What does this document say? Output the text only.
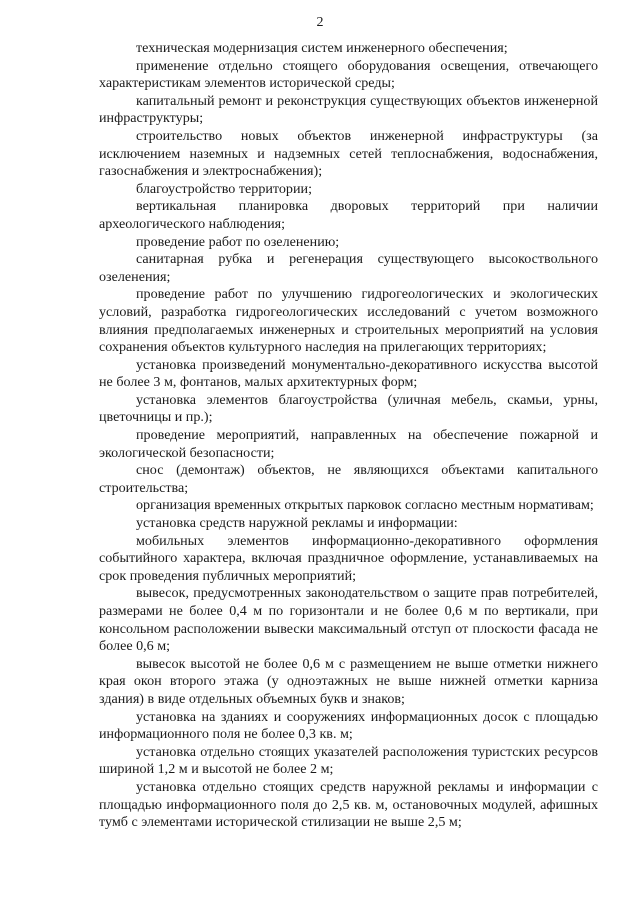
2

техническая модернизация систем инженерного обеспечения;

применение отдельно стоящего оборудования освещения, отвечающего характеристикам элементов исторической среды;

капитальный ремонт и реконструкция существующих объектов инженерной инфраструктуры;

строительство новых объектов инженерной инфраструктуры (за исключением наземных и надземных сетей теплоснабжения, водоснабжения, газоснабжения и электроснабжения);

благоустройство территории;

вертикальная планировка дворовых территорий при наличии археологического наблюдения;

проведение работ по озеленению;

санитарная рубка и регенерация существующего высокоствольного озеленения;

проведение работ по улучшению гидрогеологических и экологических условий, разработка гидрогеологических исследований с учетом возможного влияния предполагаемых инженерных и строительных мероприятий на условия сохранения объектов культурного наследия на прилегающих территориях;

установка произведений монументально-декоративного искусства высотой не более 3 м, фонтанов, малых архитектурных форм;

установка элементов благоустройства (уличная мебель, скамьи, урны, цветочницы и пр.);

проведение мероприятий, направленных на обеспечение пожарной и экологической безопасности;

снос (демонтаж) объектов, не являющихся объектами капитального строительства;

организация временных открытых парковок согласно местным нормативам;

установка средств наружной рекламы и информации:

мобильных элементов информационно-декоративного оформления событийного характера, включая праздничное оформление, устанавливаемых на срок проведения публичных мероприятий;

вывесок, предусмотренных законодательством о защите прав потребителей, размерами не более 0,4 м по горизонтали и не более 0,6 м по вертикали, при консольном расположении вывески максимальный отступ от плоскости фасада не более 0,6 м;

вывесок высотой не более 0,6 м с размещением не выше отметки нижнего края окон второго этажа (у одноэтажных не выше нижней отметки карниза здания) в виде отдельных объемных букв и знаков;

установка на зданиях и сооружениях информационных досок с площадью информационного поля не более 0,3 кв. м;

установка отдельно стоящих указателей расположения туристских ресурсов шириной 1,2 м и высотой не более 2 м;

установка отдельно стоящих средств наружной рекламы и информации с площадью информационного поля до 2,5 кв. м, остановочных модулей, афишных тумб с элементами исторической стилизации не выше 2,5 м;
